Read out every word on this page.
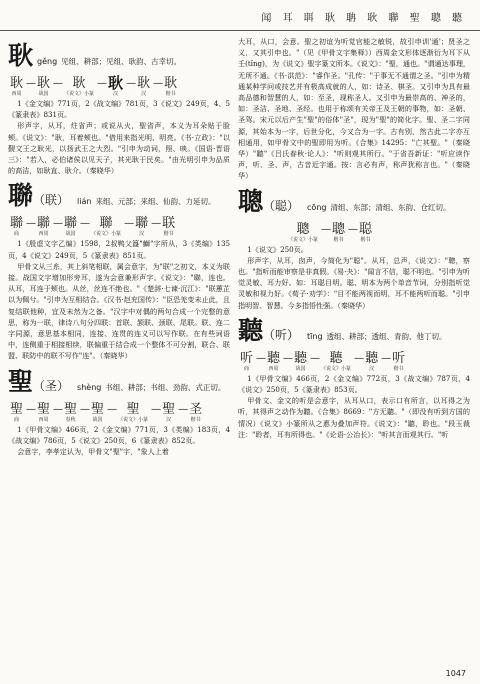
闻 耳 聑 耿 聃 耿 聯 聖 聰 聽
耿 gěng 见组、耕部；见组、耿韵、古幸切。
耿
西周
— 耿
战国
— 耿
《说文》小篆
— 耿
汉
— 耿
汉
— 耿
楷书

1《金文编》771页，2《战文编》781页，3《说文》249页，4、5《篆隶表》831页。

形声字，从耳，炷省声；或说从火，聖省声，本义为耳朵贴于脸颊。《说文》："耿，耳着颊也。"借用来指光明、明亮。《书·立政》："以觐文王之耿光，以扬武王之大烈。"引申为动词，照、映。《国语·晋语三》："若入，必伯诸侯以见天子，其光耿于民矣。"由光明引申为品质的高洁，如耿直、耿介。（秦晓华）

聯 （联） lián 来组、元部；来组、仙韵、力延切。
聯
商
— 聯
西周
— 聯
战国
— 聯
《说文》小篆
— 聯
汉
— 联
楷书

1《殷虚文字乙编》1598，2叔鸭父簋"鰤"字所从，3《类编》135页，4《说文》249页，5《篆隶表》851页。

甲骨文从三糸，其上斜笔相联，属会意字，为"联"之初文，本义为联接。战国文字增加形旁耳，遂为会意兼形声字。《说文》："聯，连也。从耳，耳连于颊也。从丝，丝连不绝也。"《楚辞·七谏·沉江》："联蕙芷以为佩兮。"引申为互相结合。《汉书·赵充国传》："臣恐羌变未止此，且复结联他种，宜及未然为之备。"汉字中对偶的两句合成一个完整的意思，称为一联，律诗八句分四联：首联、颔联、颈联、尾联。联、连二字同源，意思基本相同，连接、连贯的连义可以写作联。在有些词语中，连侧重于相接相续，联偏重于结合成一个整体不可分割，联合、联盟、联防中的联不写作"连"。（秦晓华）

聖 （圣） shèng 书组、耕部；书组、劲韵、式正切。
聖
商
— 聖
西周
— 聖
春秋
— 聖
战国
— 聖
《说文》小篆
— 聖
汉
— 圣
楷书

1《甲骨文编》466页，2《金文编》771页，3《类编》183页，4《战文编》786页，5《说文》250页，6《篆隶表》852页。

会意字，李孝定认为，甲骨文"聖"字，"象人上着

大耳，从口，会意。聖之初谊为听觉官能之敏锐，故引申训'通'；贤圣之义，又其引申也。"（见《甲骨文字集释》）西周金文形体逐渐衍为耳下从壬(tǐng)，为《说文》聖字篆文所本。《说文》："聖，通也。"谓通达事理，无所不通。《书·洪范》："睿作圣。"孔传："于事无不通谓之圣。"引申为精通某种学问或技艺并有极高成就的人，如：诗圣、棋圣。又引申为具有最高品德和智慧的人，如：至圣，现称圣人。又引申为最崇高的、神圣的，如：圣洁、圣地、圣经。也用于称颂有关帝王及王朝的事物，如：圣朝、圣驾。宋元以后产生"聖"的俗体"圣"，现为"聖"的简化字。聖、圣二字同源，其始本为一字，后世分化，今又合为一字。古有别，然古此二字亦互相通用，如甲骨文中的聖即用为听。《合集》14295："亡其聖。"（秦晓华）"聽"《吕氏春秋·论人》："听则观其所行。"于省吾新证："听应读作声，听、圣、声，古音近字通。按：言必有声，称声犹称言也。"（秦晓华）

聰 （聪） cōng 清组、东部；清组、东韵、仓红切。
聰
《说文》小篆
— 聰
楷书
— 聪
楷书

1《说文》250页。

形声字，从耳，囱声，今简化为"聪"。从耳，总声，《说文》："聰，察也。"指听而能审察是非真假。《易·夬》："闻言不信，聪不明也。"引申为听觉灵敏、耳力好。如：耳聪目明。聪、明本为两个单音节词，分别指听觉灵敏和视力好。《荀子·劝学》："目不能两视而明，耳不能两听而聪。"引申指明智、智慧。今多指悟性强。（秦晓华）

聽 （听） tīng 透组、耕部；透组、青韵、他丁切。
听
商
— 聽
西周
— 聽
战国
— 聽
《说文》小篆
— 聽
汉
— 听
楷书

1《甲骨文编》466页，2《金文编》772页，3《战文编》787页，4《说文》250页，5《篆隶表》853页。

甲骨文、金文的听是会意字，从耳从口，表示口有所言，以耳得之为听，其得声之动作为聽。《合集》8669："方无聽。"（即没有听到方国的情况）《说文》小篆所从之悳为叠加声符。《说文》："聽，聆也。"段玉裁注："聆者，耳有所得也。"《论语·公冶长》："听其言而观其行。"听

1047
